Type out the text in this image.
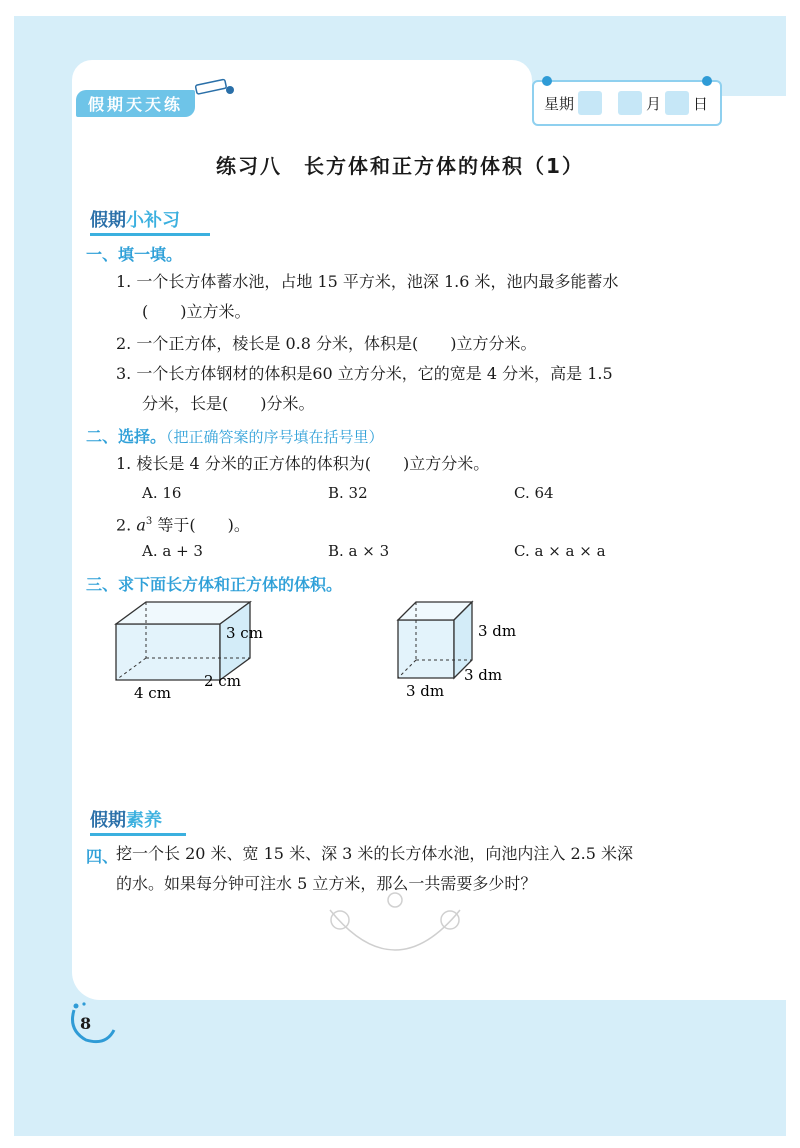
假期天天练	星期	月 日
练习八　长方体和正方体的体积（1）
假期小补习
一、填一填。
1. 一个长方体蓄水池，占地 15 平方米，池深 1.6 米，池内最多能蓄水
(　　)立方米。
2. 一个正方体，棱长是 0.8 分米，体积是(　　)立方分米。
3. 一个长方体钢材的体积是60 立方分米，它的宽是 4 分米，高是 1.5
分米，长是(　　)分米。
二、选择。（把正确答案的序号填在括号里）
1. 棱长是 4 分米的正方体的体积为(　　)立方分米。
A. 16	B. 32	C. 64
2. $a^3$ 等于(　　)。
A. a + 3	B. a × 3	C. a × a × a
三、求下面长方体和正方体的体积。
3 cm
2 cm
4 cm
3 dm
3 dm
3 dm
假期素养
四、
挖一个长 20 米、宽 15 米、深 3 米的长方体水池，向池内注入 2.5 米深
的水。如果每分钟可注水 5 立方米，那么一共需要多少时？
8
